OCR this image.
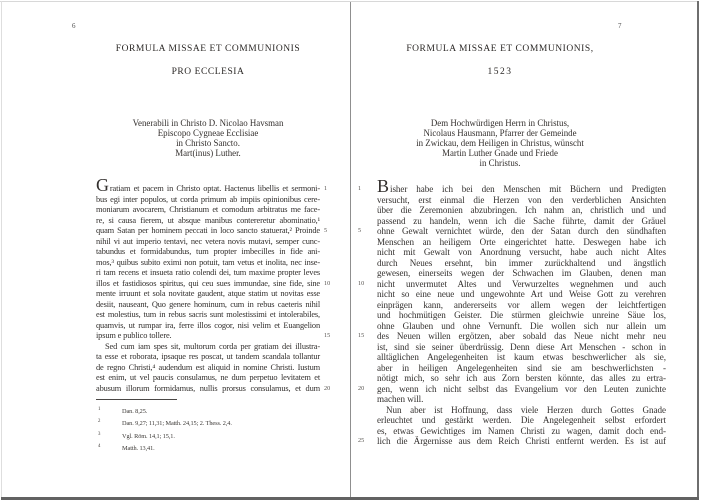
6
FORMULA MISSAE ET COMMUNIONIS
PRO ECCLESIA
Venerabili in Christo D. Nicolao Havsman
Episcopo Cygneae Ecclisiae
in Christo Sancto.
Mart(inus) Luther.
Gratiam et pacem in Christo optat. Hactenus libellis et sermoni- 1
bus egi inter populos, ut corda primum ab impiis opinionibus cere-
moniarum avocarem, Christianum et comodum arbitratus me face-
re, si causa fierem, ut absque manibus contereretur abominatio,¹
quam Satan per hominem peccati in loco sancto statuerat,² Proinde 5
nihil vi aut imperio tentavi, nec vetera novis mutavi, semper cunc-
tabundus et formidabundus, tum propter imbecilles in fide ani-
mos,³ quibus subito eximi non potuit, tam vetus et inolita, nec inse-
ri tam recens et insueta ratio colendi dei, tum maxime propter leves
illos et fastidiosos spiritus, qui ceu sues immundae, sine fide, sine 10
mente irruunt et sola novitate gaudent, atque statim ut novitas esse
desiit, nauseant, Quo genere hominum, cum in rebus caeteris nihil
est molestius, tum in rebus sacris sunt molestissimi et intolerabiles,
quamvis, ut rumpar ira, ferre illos cogor, nisi velim et Euangelion
ipsum e publico tollere.	15
Sed cum iam spes sit, multorum corda per gratiam dei illustra-
ta esse et roborata, ipsaque res poscat, ut tandem scandala tollantur
de regno Christi,⁴ audendum est aliquid in nomine Christi. Iustum
est enim, ut vel paucis consulamus, ne dum perpetuo levitatem et
abusum illorum formidamus, nullis prorsus consulamus, et dum 20
1	Dan. 8,25.
2	Dan. 9,27; 11,31; Matth. 24,15; 2. Thess. 2,4.
3	Vgl. Röm. 14,1; 15,1.
4	Matth. 13,41.
7
FORMULA MISSAE ET COMMUNIONIS,
1523
Dem Hochwürdigen Herrn in Christus,
Nicolaus Hausmann, Pfarrer der Gemeinde
in Zwickau, dem Heiligen in Christus, wünscht
Martin Luther Gnade und Friede
in Christus.
Bisher habe ich bei den Menschen mit Büchern und Predigten
1
versucht, erst einmal die Herzen von den verderblichen Ansichten
über die Zeremonien abzubringen. Ich nahm an, christlich und und
passend zu handeln, wenn ich die Sache führte, damit der Gräuel
ohne Gewalt vernichtet würde, den der Satan durch den sündhaften
5
Menschen an heiligem Orte eingerichtet hatte. Deswegen habe ich
nicht mit Gewalt von Anordnung versucht, habe auch nicht Altes
durch Neues ersehnt, bin immer zurückhaltend und ängstlich
gewesen, einerseits wegen der Schwachen im Glauben, denen man
nicht unvermutet Altes und Verwurzeltes wegnehmen und auch
10
nicht so eine neue und ungewohnte Art und Weise Gott zu verehren
einprägen kann, andererseits vor allem wegen der leichtfertigen
und hochmütigen Geister. Die stürmen gleichwie unreine Säue los,
ohne Glauben und ohne Vernunft. Die wollen sich nur allein um
des Neuen willen ergötzen, aber sobald das Neue nicht mehr neu
15
ist, sind sie seiner überdrüssig. Denn diese Art Menschen - schon in
alltäglichen Angelegenheiten ist kaum etwas beschwerlicher als sie,
aber in heiligen Angelegenheiten sind sie am beschwerlichsten -
nötigt mich, so sehr ich aus Zorn bersten könnte, das alles zu ertra-
gen, wenn ich nicht selbst das Evangelium vor den Leuten zunichte
20
machen will.
Nun aber ist Hoffnung, dass viele Herzen durch Gottes Gnade
erleuchtet und gestärkt werden. Die Angelegenheit selbst erfordert
es, etwas Gewichtiges im Namen Christi zu wagen, damit doch end-
lich die Ärgernisse aus dem Reich Christi entfernt werden. Es ist auf
25
